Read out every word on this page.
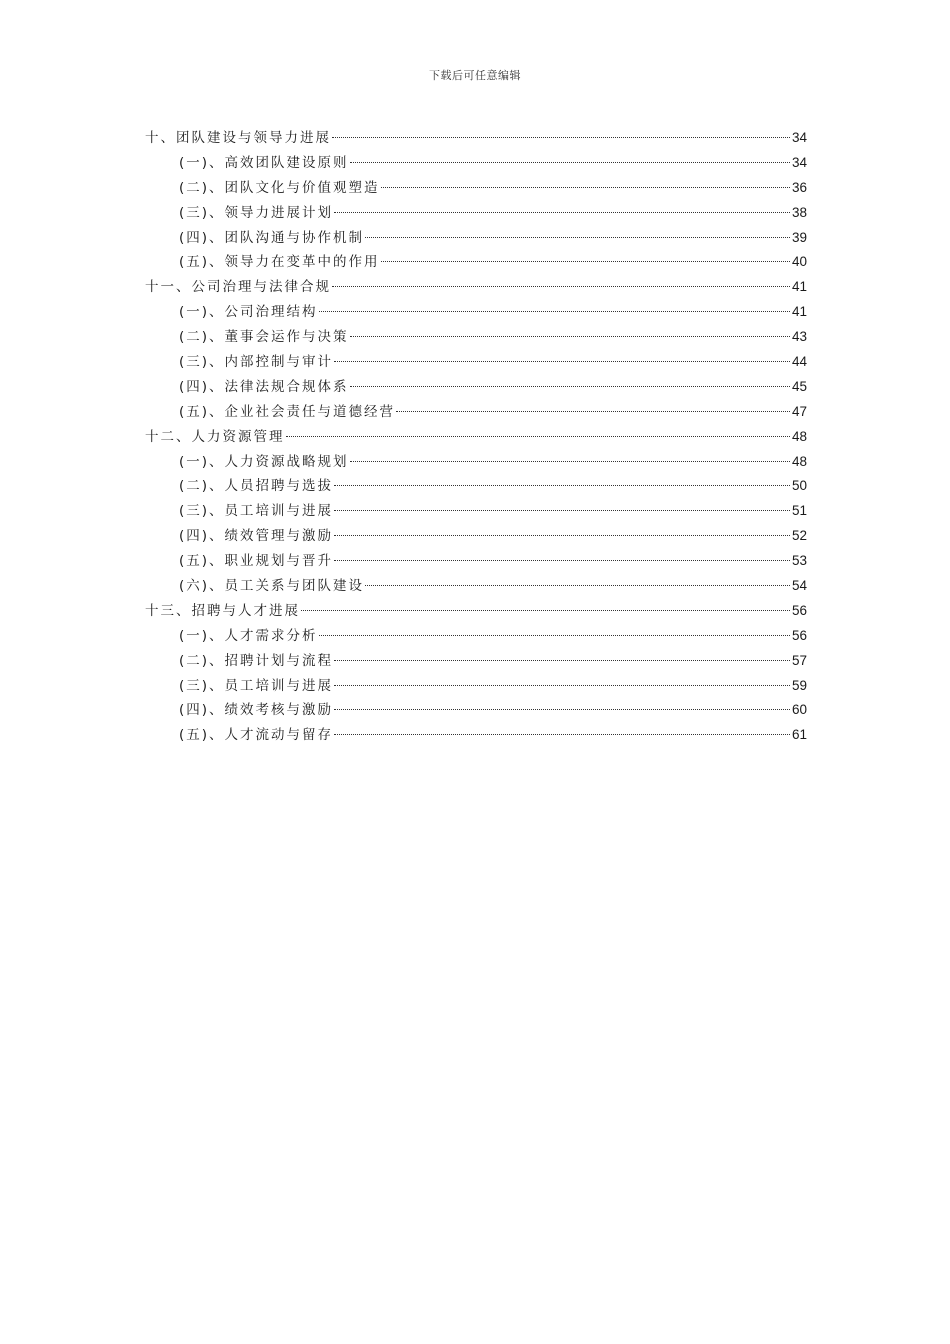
下载后可任意编辑
十、团队建设与领导力进展	34
(一)、高效团队建设原则	34
(二)、团队文化与价值观塑造	36
(三)、领导力进展计划	38
(四)、团队沟通与协作机制	39
(五)、领导力在变革中的作用	40
十一、公司治理与法律合规	41
(一)、公司治理结构	41
(二)、董事会运作与决策	43
(三)、内部控制与审计	44
(四)、法律法规合规体系	45
(五)、企业社会责任与道德经营	47
十二、人力资源管理	48
(一)、人力资源战略规划	48
(二)、人员招聘与选拔	50
(三)、员工培训与进展	51
(四)、绩效管理与激励	52
(五)、职业规划与晋升	53
(六)、员工关系与团队建设	54
十三、招聘与人才进展	56
(一)、人才需求分析	56
(二)、招聘计划与流程	57
(三)、员工培训与进展	59
(四)、绩效考核与激励	60
(五)、人才流动与留存	61
